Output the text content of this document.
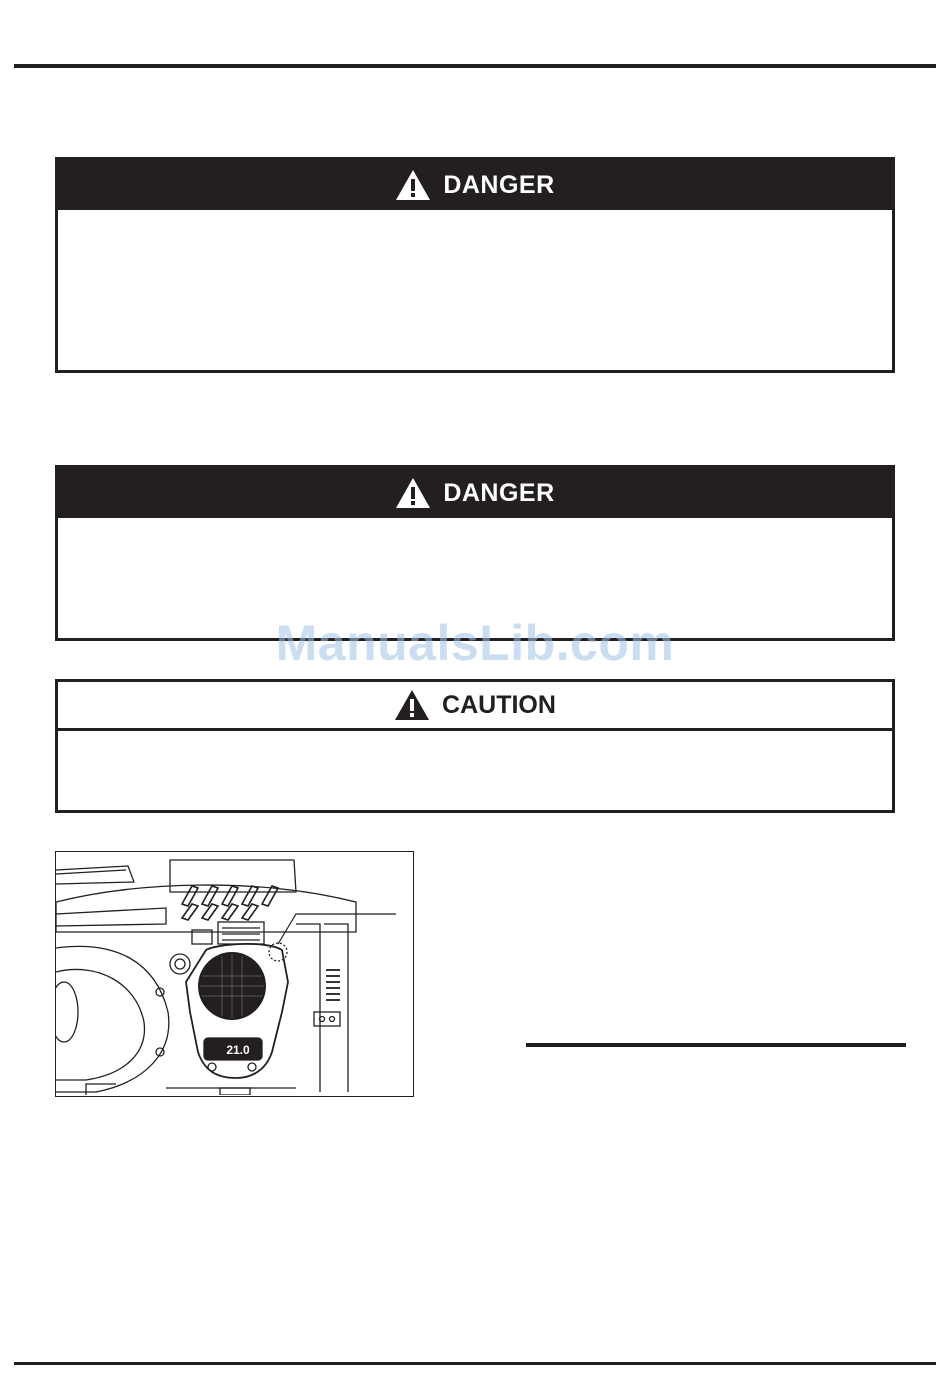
DANGER
DANGER
CAUTION
ManualsLib.com
21.0
